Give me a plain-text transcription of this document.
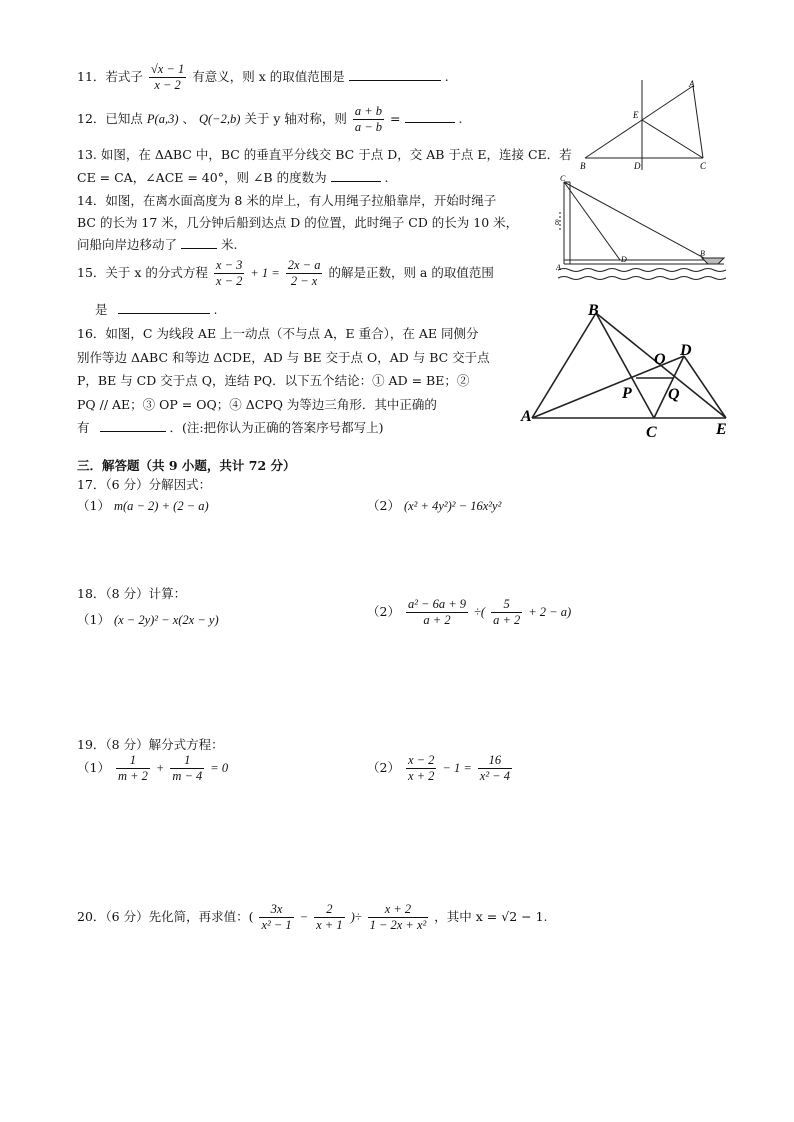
11．若式子 $\frac{√x - 1}{x - 2}$ 有意义，则 x 的取值范围是	.
12．已知点 P(a,3) 、 Q(−2,b) 关于 y 轴对称，则 $\frac{a + b}{a - b}$ =	.
A
B	C
D
E
13. 如图，在 ΔABC 中，BC 的垂直平分线交 BC 于点 D，交 AB 于点 E，连接 CE．若
CE = CA，∠ACE = 40°，则 ∠B 的度数为	.
14．如图，在离水面高度为 8 米的岸上，有人用绳子拉船靠岸，开始时绳子
BC 的长为 17 米，几分钟后船到达点 D 的位置，此时绳子 CD 的长为 10 米，
问船向岸边移动了	米.
C
8
A
D
B
15．关于 x 的分式方程 $\frac{x - 3}{x - 2} + 1 = \frac{2x - a}{2 - x}$ 的解是正数，则 a 的取值范围
是	.
16．如图，C 为线段 AE 上一动点（不与点 A，E 重合），在 AE 同侧分
别作等边 ΔABC 和等边 ΔCDE，AD 与 BE 交于点 O，AD 与 BC 交于点
P，BE 与 CD 交于点 Q，连结 PQ．以下五个结论：① AD = BE；②
PQ // AE；③ OP = OQ；④ ΔCPQ 为等边三角形．其中正确的
有	．(注:把你认为正确的答案序号都写上)
B
A
C
D
E
O
P Q
三．解答题（共 9 小题，共计 72 分）
17．（6 分）分解因式：
（1） m(a − 2) + (2 − a)	（2） (x² + 4y²)² − 16x²y²
18．（8 分）计算：
（1） (x − 2y)² − x(2x − y)
$(2) \frac{\text{a² − 6a + 9}}{a + 2}$ ÷( $\frac{5}{a + 2} + 2 - a$)
19．（8 分）解分式方程：
$(1) \frac{1}{m + 2} + \frac{1}{m - 4} = 0$	$(2) \frac{x - 2}{x + 2} - 1 = \frac{16}{\text{x² − 4}}$
20．（6 分）先化简，再求值：( $\frac{3x}{\text{x² − 1}} - \frac{2}{x + 1}$ )÷ $\frac{x + 2}{\text{1 − 2x + x²}}$ ，其中 x = √2 − 1.
